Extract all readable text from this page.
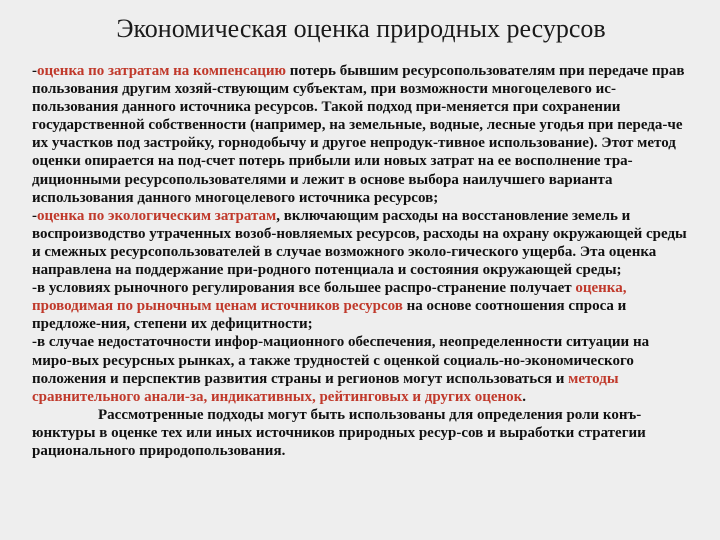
Экономическая оценка природных ресурсов

-оценка по затратам на компенсацию потерь бывшим ресурсопользователям при передаче прав пользования другим хозяй-ствующим субъектам, при возможности многоцелевого ис-пользования данного источника ресурсов. Такой подход при-меняется при сохранении государственной собственности (например, на земельные, водные, лесные угодья при переда-че их участков под застройку, горнодобычу и другое непродук-тивное использование). Этот метод оценки опирается на под-счет потерь прибыли или новых затрат на ее восполнение тра-диционными ресурсопользователями и лежит в основе выбора наилучшего варианта использования данного многоцелевого источника ресурсов;

-оценка по экологическим затратам, включающим расходы на восстановление земель и воспроизводство утраченных возоб-новляемых ресурсов, расходы на охрану окружающей среды и смежных ресурсопользователей в случае возможного эколо-гического ущерба. Эта оценка направлена на поддержание при-родного потенциала и состояния окружающей среды;

-в условиях рыночного регулирования все большее распро-странение получает оценка, проводимая по рыночным ценам источников ресурсов на основе соотношения спроса и предложе-ния, степени их дефицитности;

-в случае недостаточности инфор-мационного обеспечения, неопределенности ситуации на миро-вых ресурсных рынках, а также трудностей с оценкой социаль-но-экономического положения и перспектив развития страны и регионов могут использоваться и методы сравнительного анали-за, индикативных, рейтинговых и других оценок.

Рассмотренные подходы могут быть использованы для определения роли конъ-юнктуры в оценке тех или иных источников природных ресур-сов и выработки стратегии рационального природопользования.
